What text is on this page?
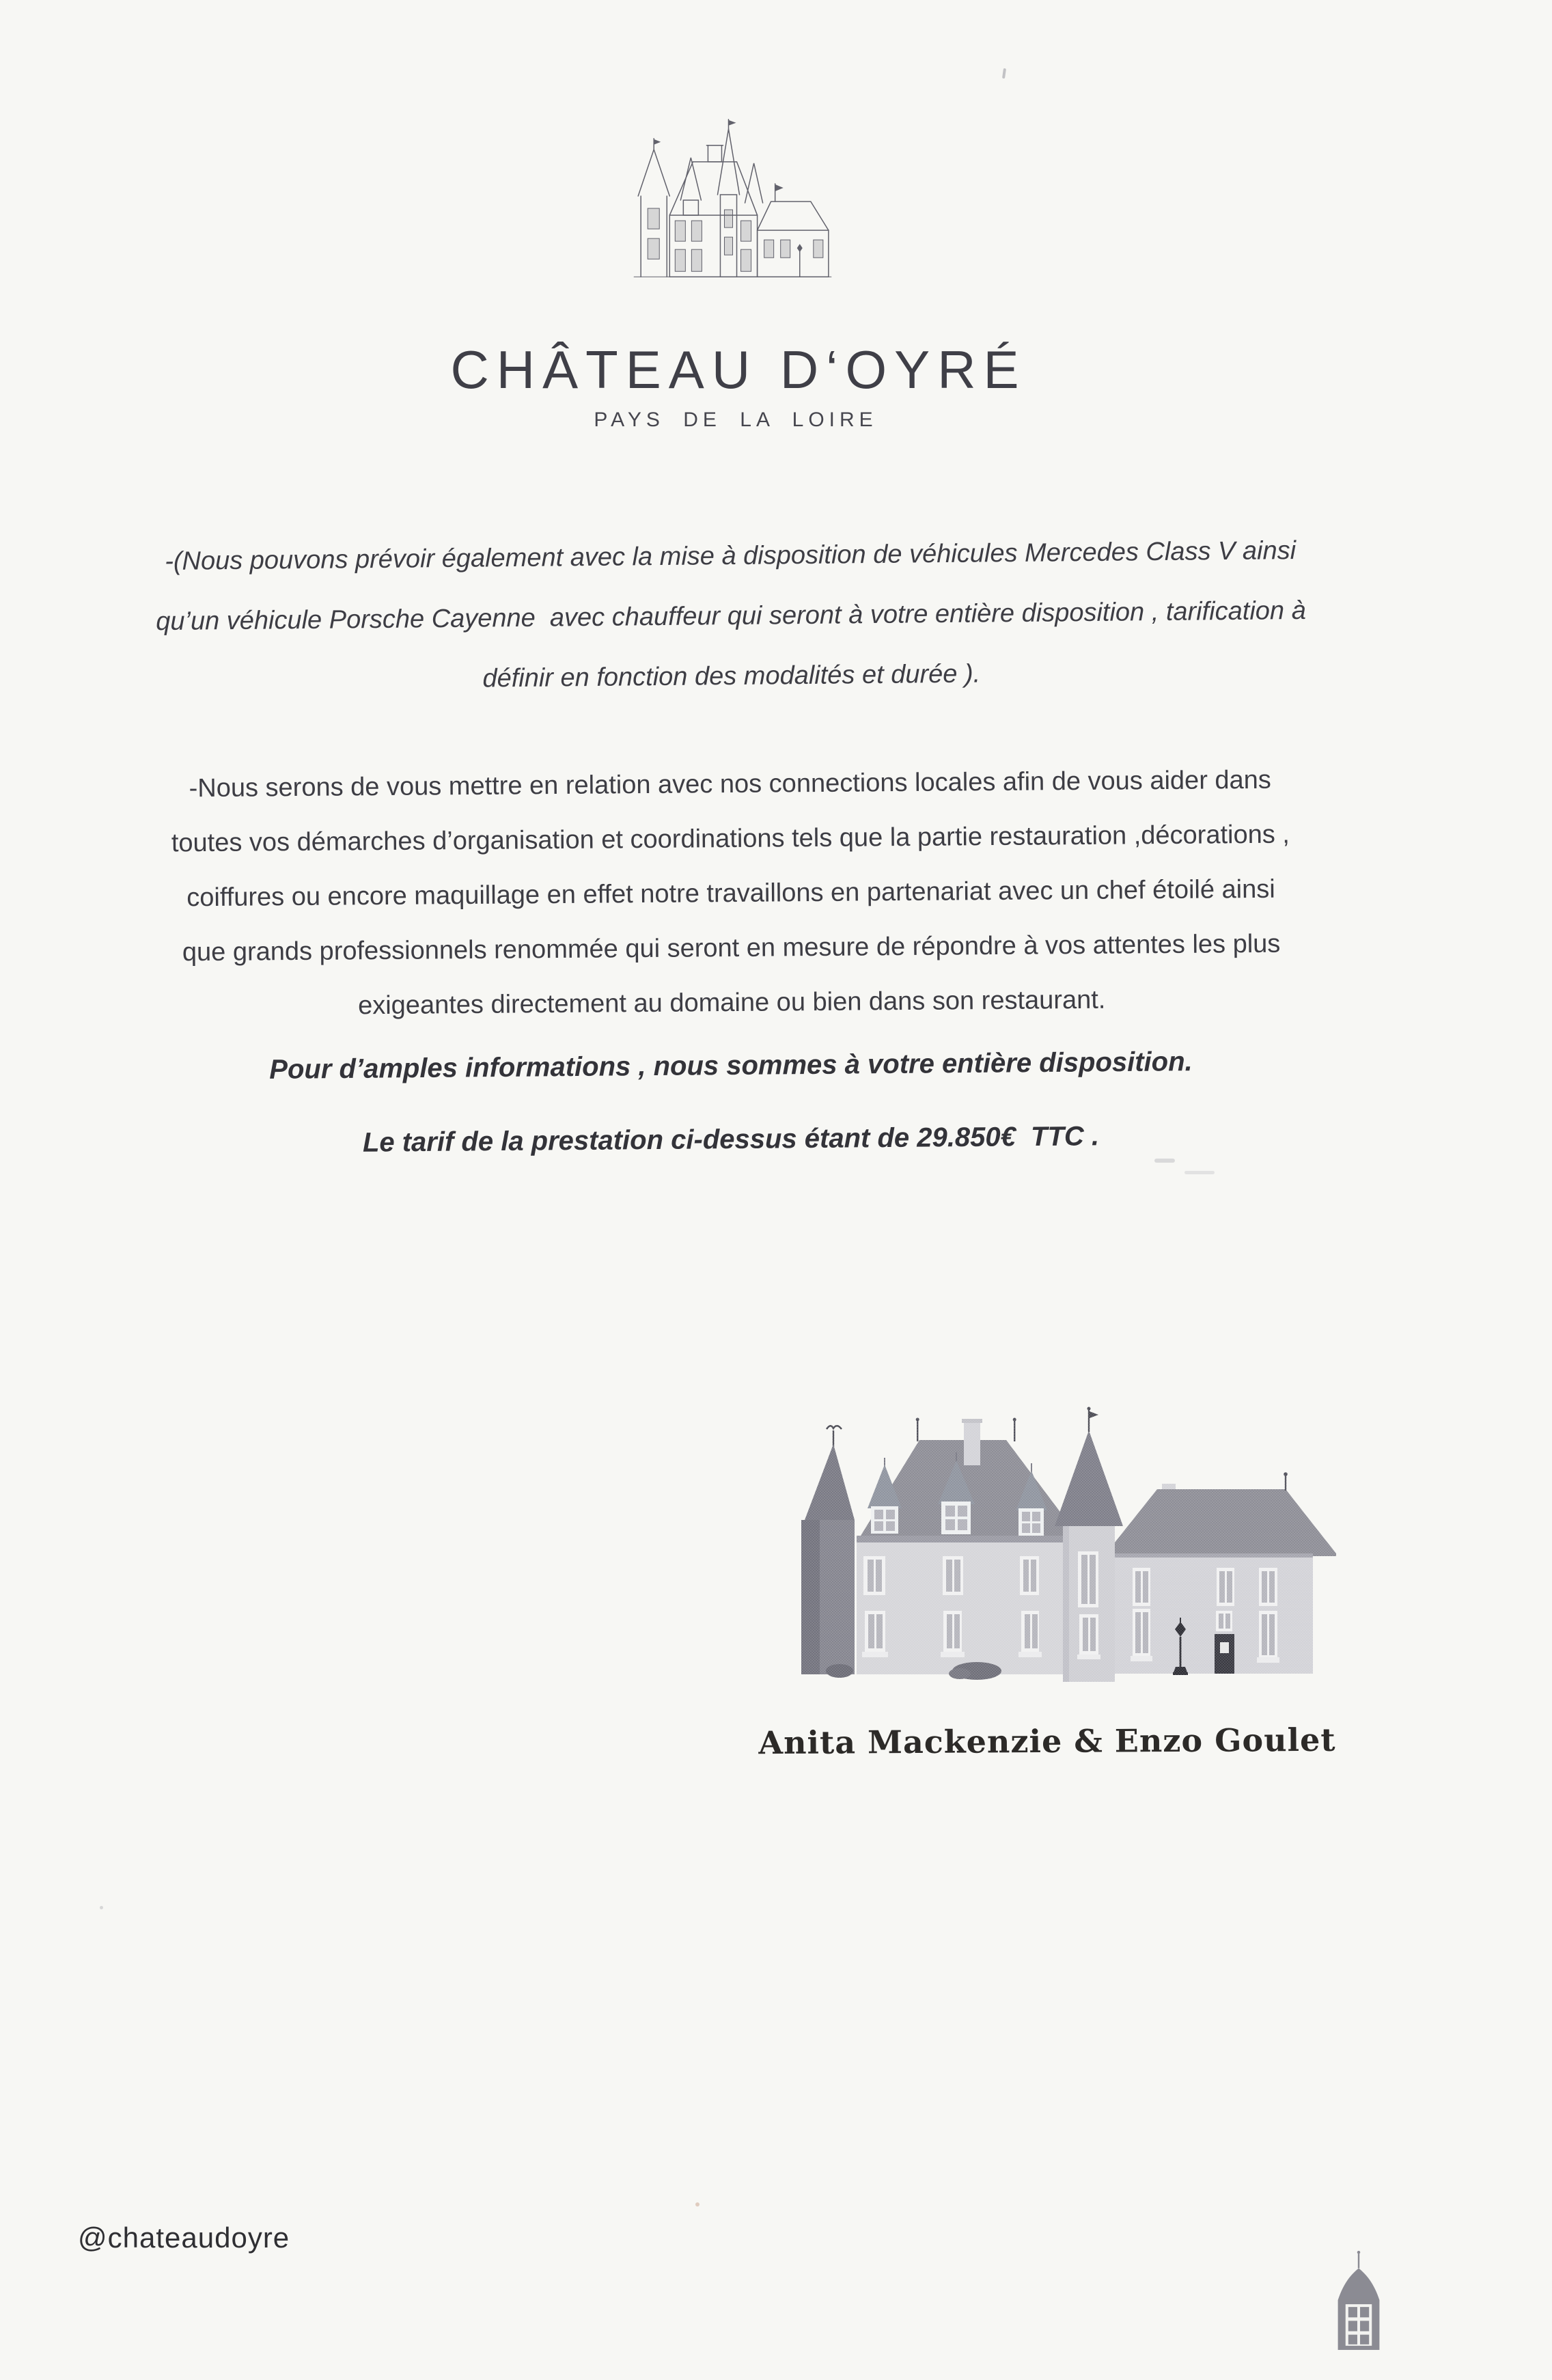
CHÂTEAU D‘OYRÉ
PAYS DE LA LOIRE
-(Nous pouvons prévoir également avec la mise à disposition de véhicules Mercedes Class V ainsi
qu’un véhicule Porsche Cayenne  avec chauffeur qui seront à votre entière disposition , tarification à
définir en fonction des modalités et durée ).
-Nous serons de vous mettre en relation avec nos connections locales afin de vous aider dans
toutes vos démarches d’organisation et coordinations tels que la partie restauration ,décorations ,
coiffures ou encore maquillage en effet notre travaillons en partenariat avec un chef étoilé ainsi
que grands professionnels renommée qui seront en mesure de répondre à vos attentes les plus
exigeantes directement au domaine ou bien dans son restaurant.
Pour d’amples informations , nous sommes à votre entière disposition.
Le tarif de la prestation ci-dessus étant de 29.850€  TTC .
Anita Mackenzie & Enzo Goulet
@chateaudoyre
